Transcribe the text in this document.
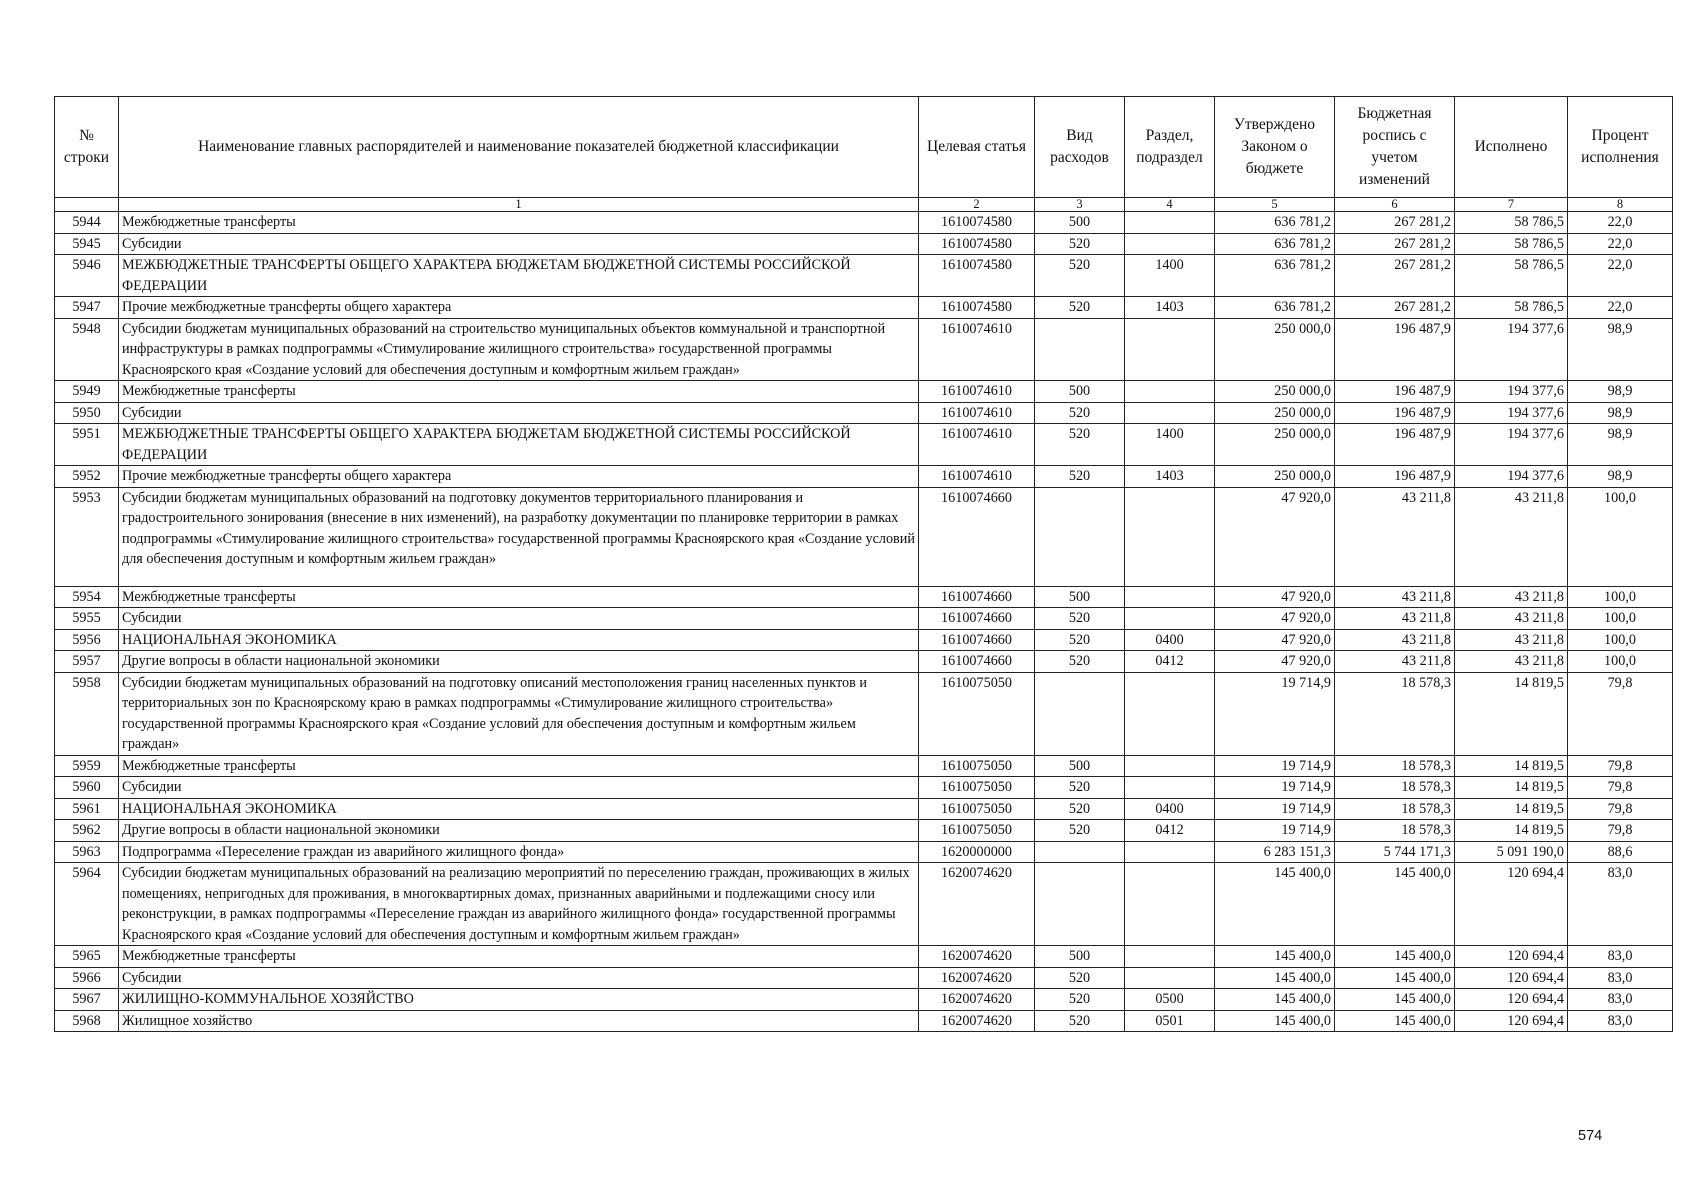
№ строки	Наименование главных распорядителей и наименование показателей бюджетной классификации	Целевая статья	Вид расходов	Раздел, подраздел	Утверждено Законом о бюджете	Бюджетная роспись с учетом изменений	Исполнено	Процент исполнения
	1	2	3	4	5	6	7	8
5944	Межбюджетные трансферты	1610074580	500		636 781,2	267 281,2	58 786,5	22,0
5945	Субсидии	1610074580	520		636 781,2	267 281,2	58 786,5	22,0
5946	МЕЖБЮДЖЕТНЫЕ ТРАНСФЕРТЫ ОБЩЕГО ХАРАКТЕРА БЮДЖЕТАМ БЮДЖЕТНОЙ СИСТЕМЫ РОССИЙСКОЙ ФЕДЕРАЦИИ	1610074580	520	1400	636 781,2	267 281,2	58 786,5	22,0
5947	Прочие межбюджетные трансферты общего характера	1610074580	520	1403	636 781,2	267 281,2	58 786,5	22,0
5948	Субсидии бюджетам муниципальных образований на строительство муниципальных объектов коммунальной и транспортной инфраструктуры в рамках подпрограммы «Стимулирование жилищного строительства» государственной программы Красноярского края «Создание условий для обеспечения доступным и комфортным жильем граждан»	1610074610			250 000,0	196 487,9	194 377,6	98,9
5949	Межбюджетные трансферты	1610074610	500		250 000,0	196 487,9	194 377,6	98,9
5950	Субсидии	1610074610	520		250 000,0	196 487,9	194 377,6	98,9
5951	МЕЖБЮДЖЕТНЫЕ ТРАНСФЕРТЫ ОБЩЕГО ХАРАКТЕРА БЮДЖЕТАМ БЮДЖЕТНОЙ СИСТЕМЫ РОССИЙСКОЙ ФЕДЕРАЦИИ	1610074610	520	1400	250 000,0	196 487,9	194 377,6	98,9
5952	Прочие межбюджетные трансферты общего характера	1610074610	520	1403	250 000,0	196 487,9	194 377,6	98,9
5953	Субсидии бюджетам муниципальных образований на подготовку документов территориального планирования и градостроительного зонирования (внесение в них изменений), на разработку документации по планировке территории в рамках подпрограммы «Стимулирование жилищного строительства» государственной программы Красноярского края «Создание условий для обеспечения доступным и комфортным жильем граждан»	1610074660			47 920,0	43 211,8	43 211,8	100,0
5954	Межбюджетные трансферты	1610074660	500		47 920,0	43 211,8	43 211,8	100,0
5955	Субсидии	1610074660	520		47 920,0	43 211,8	43 211,8	100,0
5956	НАЦИОНАЛЬНАЯ ЭКОНОМИКА	1610074660	520	0400	47 920,0	43 211,8	43 211,8	100,0
5957	Другие вопросы в области национальной экономики	1610074660	520	0412	47 920,0	43 211,8	43 211,8	100,0
5958	Субсидии бюджетам муниципальных образований на подготовку описаний местоположения границ населенных пунктов и территориальных зон по Красноярскому краю в рамках подпрограммы «Стимулирование жилищного строительства» государственной программы Красноярского края «Создание условий для обеспечения доступным и комфортным жильем граждан»	1610075050			19 714,9	18 578,3	14 819,5	79,8
5959	Межбюджетные трансферты	1610075050	500		19 714,9	18 578,3	14 819,5	79,8
5960	Субсидии	1610075050	520		19 714,9	18 578,3	14 819,5	79,8
5961	НАЦИОНАЛЬНАЯ ЭКОНОМИКА	1610075050	520	0400	19 714,9	18 578,3	14 819,5	79,8
5962	Другие вопросы в области национальной экономики	1610075050	520	0412	19 714,9	18 578,3	14 819,5	79,8
5963	Подпрограмма «Переселение граждан из аварийного жилищного фонда»	1620000000			6 283 151,3	5 744 171,3	5 091 190,0	88,6
5964	Субсидии бюджетам муниципальных образований на реализацию мероприятий по переселению граждан, проживающих в жилых помещениях, непригодных для проживания, в многоквартирных домах, признанных аварийными и подлежащими сносу или реконструкции, в рамках подпрограммы «Переселение граждан из аварийного жилищного фонда» государственной программы Красноярского края «Создание условий для обеспечения доступным и комфортным жильем граждан»	1620074620			145 400,0	145 400,0	120 694,4	83,0
5965	Межбюджетные трансферты	1620074620	500		145 400,0	145 400,0	120 694,4	83,0
5966	Субсидии	1620074620	520		145 400,0	145 400,0	120 694,4	83,0
5967	ЖИЛИЩНО-КОММУНАЛЬНОЕ ХОЗЯЙСТВО	1620074620	520	0500	145 400,0	145 400,0	120 694,4	83,0
5968	Жилищное хозяйство	1620074620	520	0501	145 400,0	145 400,0	120 694,4	83,0
574
